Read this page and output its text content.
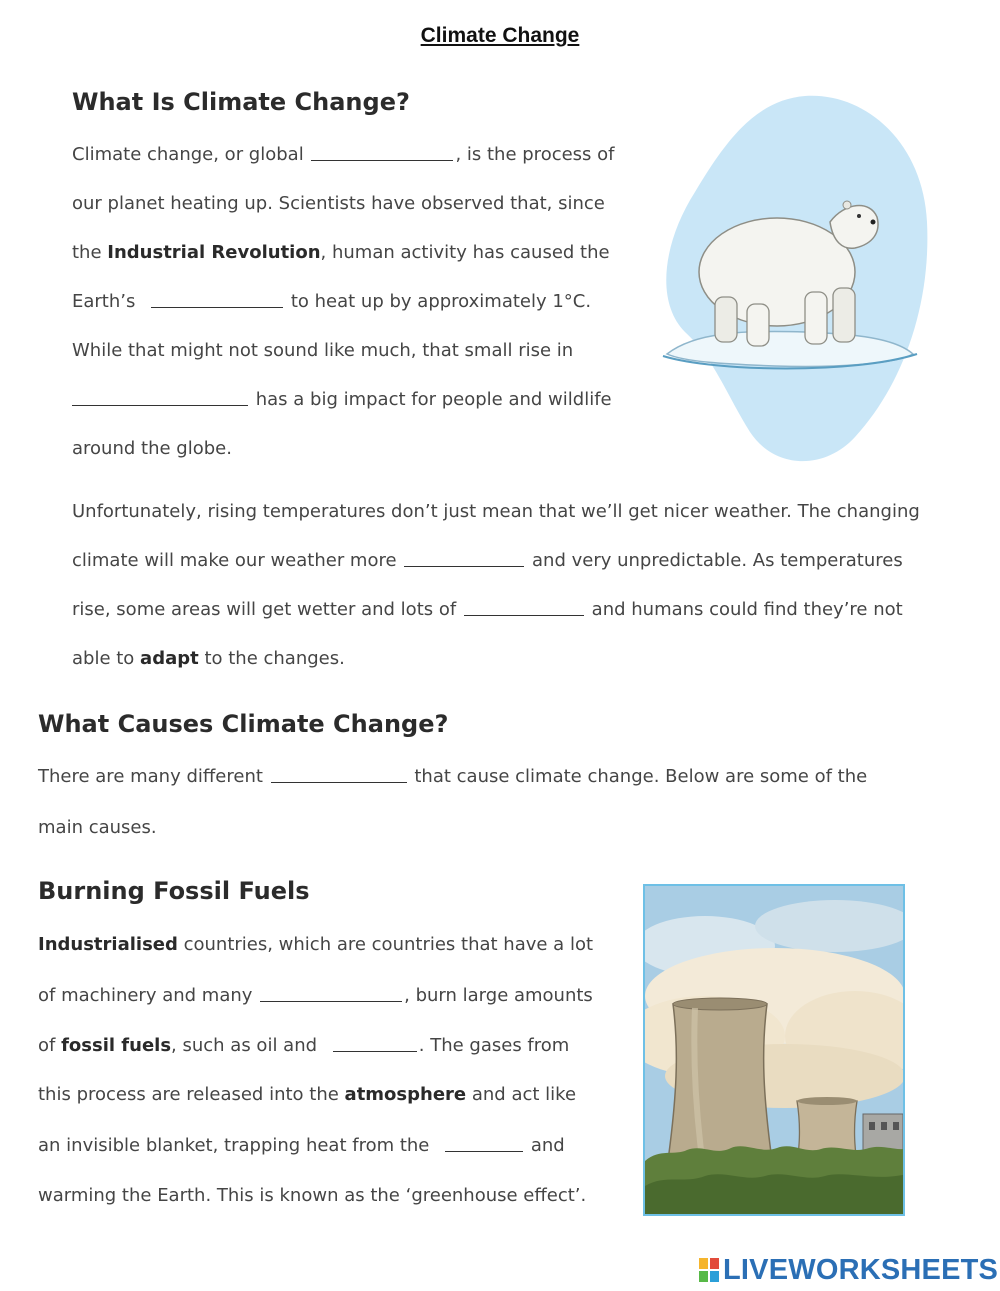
Climate Change
What Is Climate Change?
Climate change, or global	, is the process of
our planet heating up. Scientists have observed that, since
the Industrial Revolution, human activity has caused the
Earth’s	to heat up by approximately 1°C.
While that might not sound like much, that small rise in
has a big impact for people and wildlife
around the globe.
Unfortunately, rising temperatures don’t just mean that we’ll get nicer weather. The changing
climate will make our weather more	and very unpredictable. As temperatures
rise, some areas will get wetter and lots of	and humans could find they’re not
able to adapt to the changes.
What Causes Climate Change?
There are many different	that cause climate change. Below are some of the
main causes.
Burning Fossil Fuels
Industrialised countries, which are countries that have a lot
of machinery and many	, burn large amounts
of fossil fuels, such as oil and	. The gases from
this process are released into the atmosphere and act like
an invisible blanket, trapping heat from the	and
warming the Earth. This is known as the ‘greenhouse effect’.
LIVEWORKSHEETS
